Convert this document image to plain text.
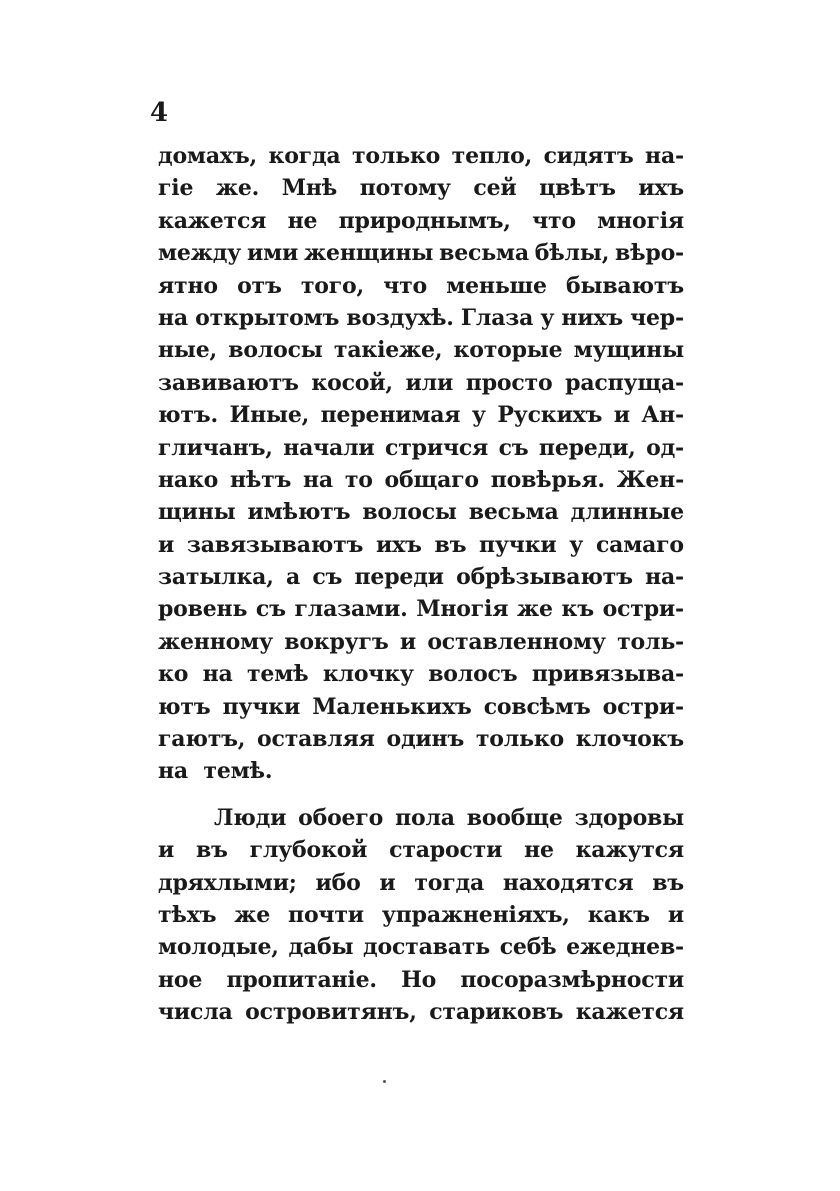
4
домахъ, когда только тепло, сидятъ на-
гіе же. Мнѣ потому сей цвѣтъ ихъ
кажется не природнымъ, что многія
между ими женщины весьма бѣлы, вѣро-
ятно отъ того, что меньше бываютъ
на открытомъ воздухѣ. Глаза у нихъ чер-
ные, волосы такіеже, которые мущины
завиваютъ косой, или просто распуща-
ютъ. Иные, перенимая у Рускихъ и Ан-
гличанъ, начали стричся съ переди, од-
нако нѣтъ на то общаго повѣрья. Жен-
щины имѣютъ волосы весьма длинные
и завязываютъ ихъ въ пучки у самаго
затылка, а съ переди обрѣзываютъ на-
ровень съ глазами. Многія же къ остри-
женному вокругъ и оставленному толь-
ко на темѣ клочку волосъ привязыва-
ютъ пучки Маленькихъ совсѣмъ остри-
гаютъ, оставляя одинъ только клочокъ
на темѣ.
Люди обоего пола вообще здоровы
и въ глубокой старости не кажутся
дряхлыми; ибо и тогда находятся въ
тѣхъ же почти упражненіяхъ, какъ и
молодые, дабы доставать себѣ ежеднев-
ное пропитаніе. Но посоразмѣрности
числа островитянъ, стариковъ кажется
